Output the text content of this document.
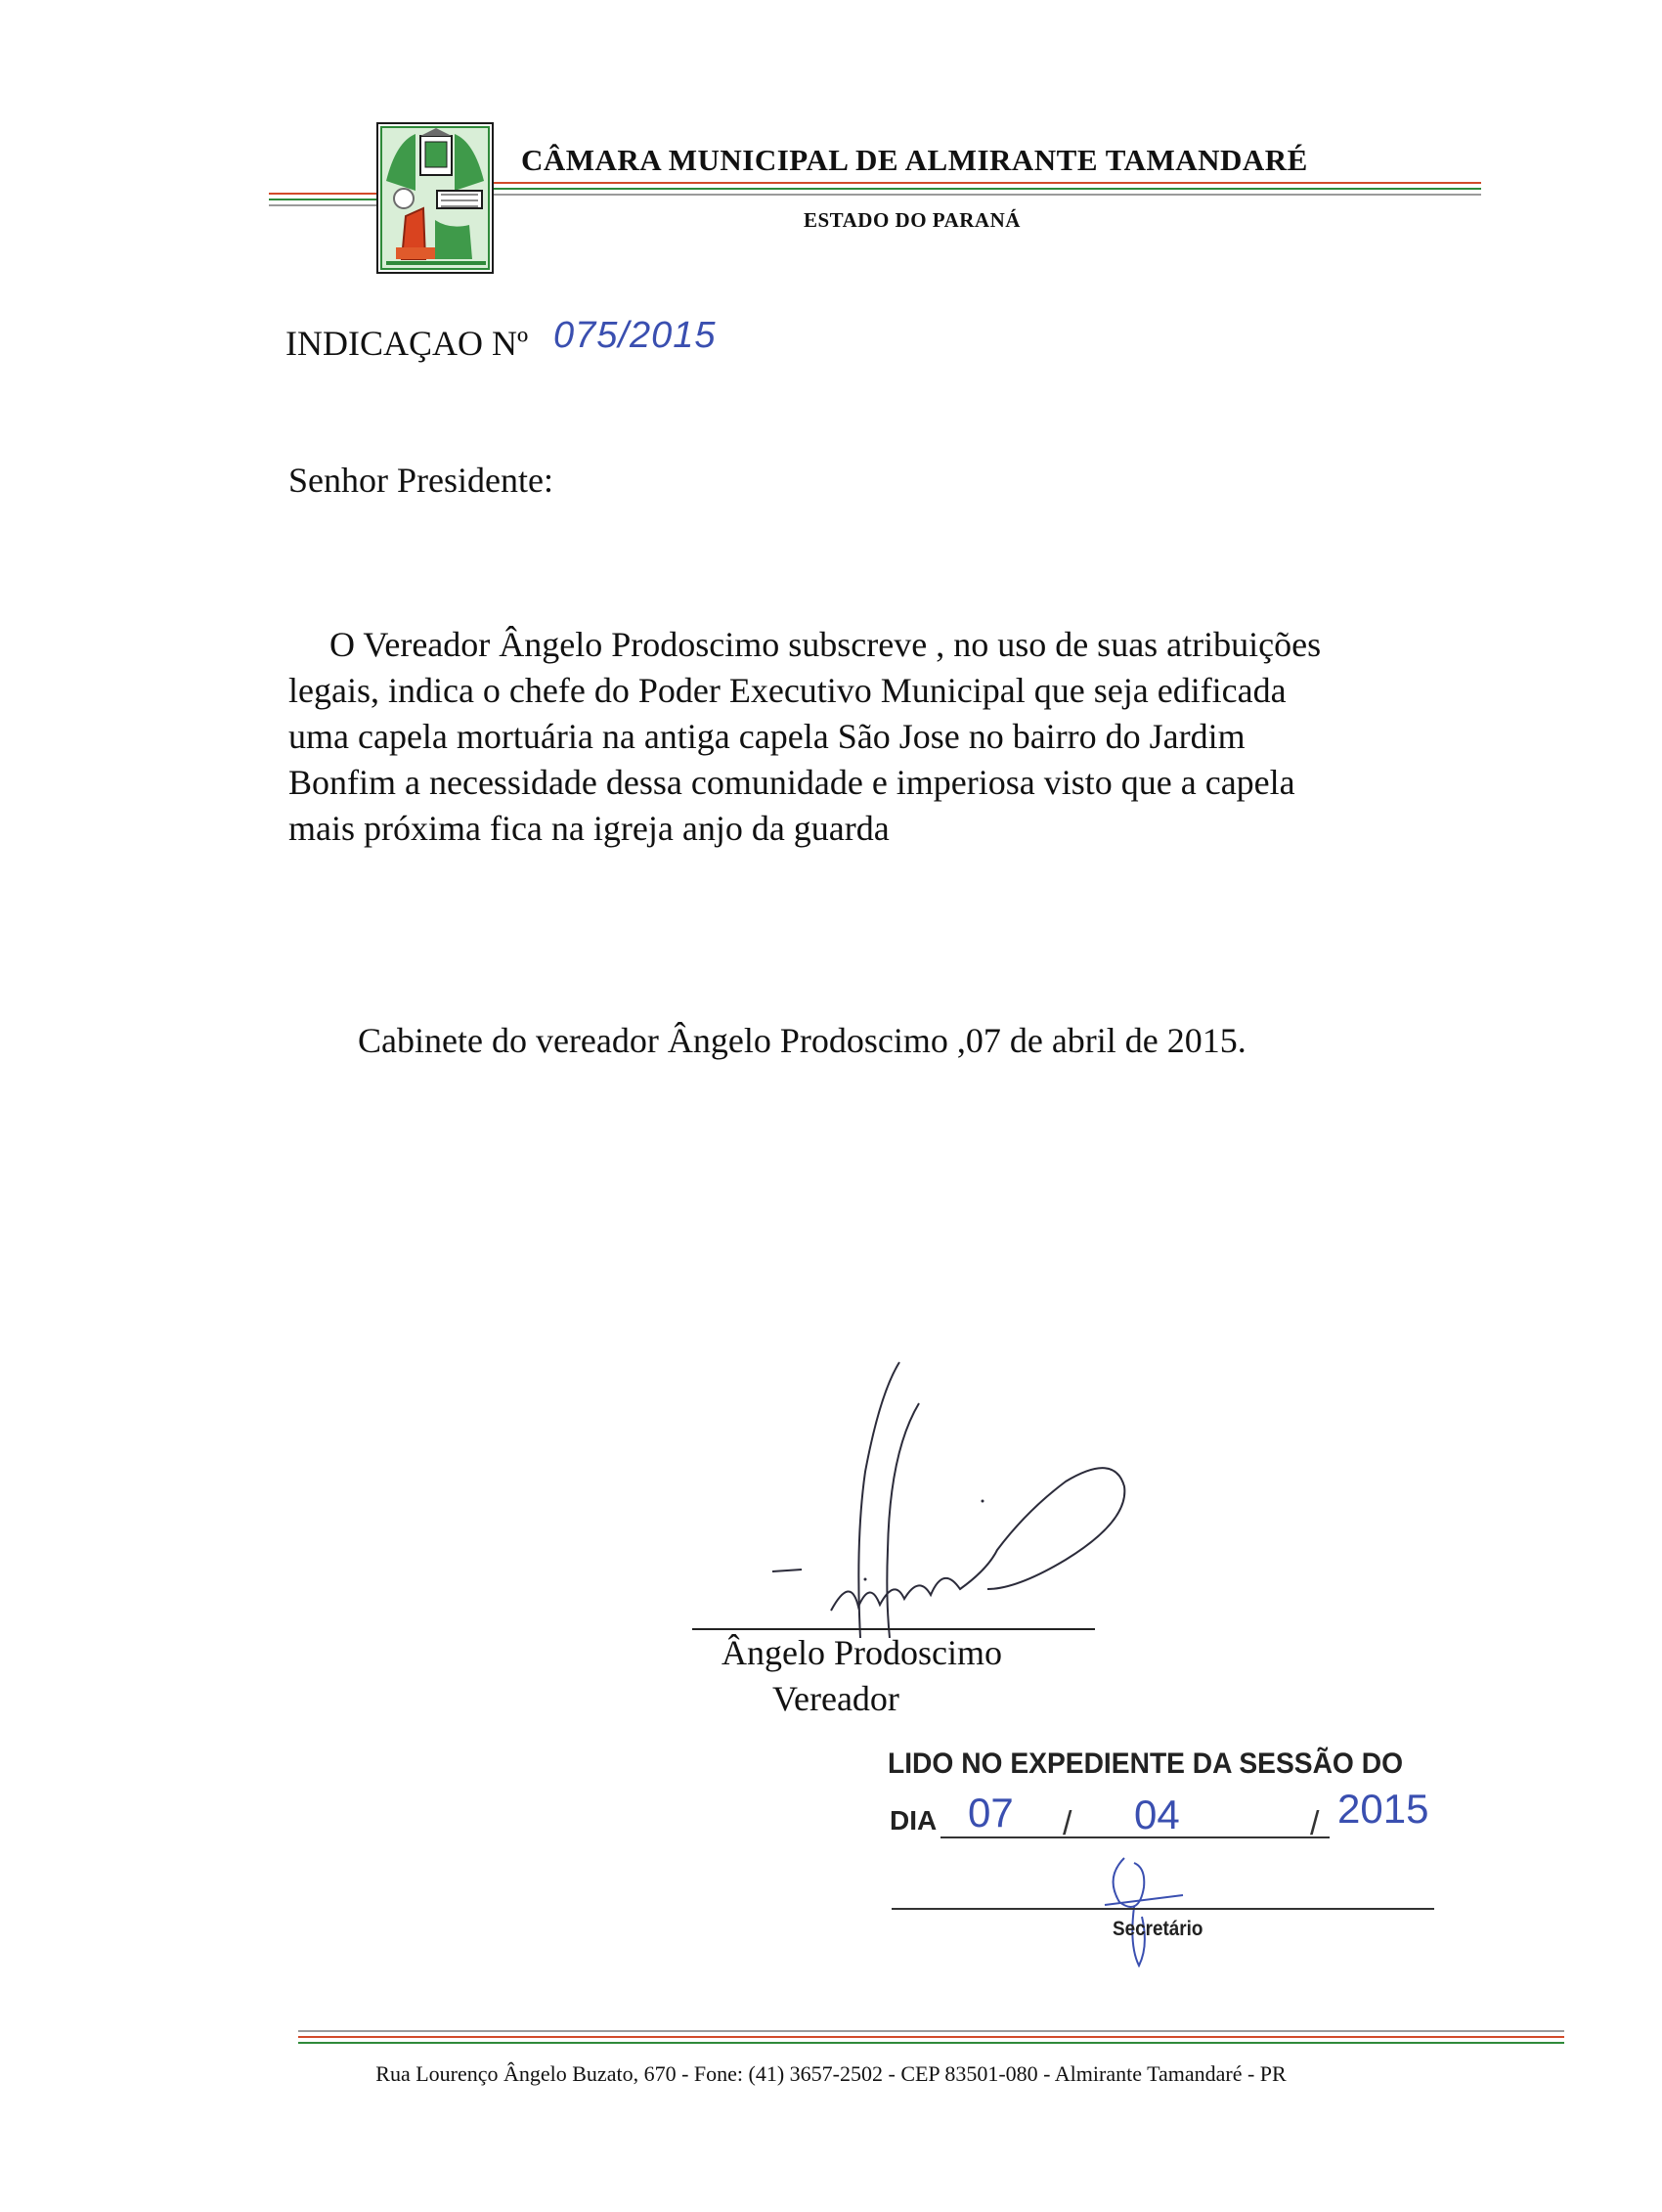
CÂMARA MUNICIPAL DE ALMIRANTE TAMANDARÉ
ESTADO DO PARANÁ
INDICAÇAO Nº 075/2015
Senhor Presidente:
O Vereador Ângelo Prodoscimo subscreve , no uso de suas atribuições
legais, indica o chefe do Poder Executivo Municipal que seja edificada
uma capela mortuária na antiga capela São Jose no bairro do Jardim
Bonfim a necessidade dessa comunidade e imperiosa visto que a capela
mais próxima fica na igreja anjo da guarda
Cabinete do vereador Ângelo Prodoscimo ,07 de abril de 2015.
Ângelo Prodoscimo
Vereador
LIDO NO EXPEDIENTE DA SESSÃO DO
DIA 07 / 04	/ 2015
Secretário
Rua Lourenço Ângelo Buzato, 670 - Fone: (41) 3657-2502 - CEP 83501-080 - Almirante Tamandaré - PR
